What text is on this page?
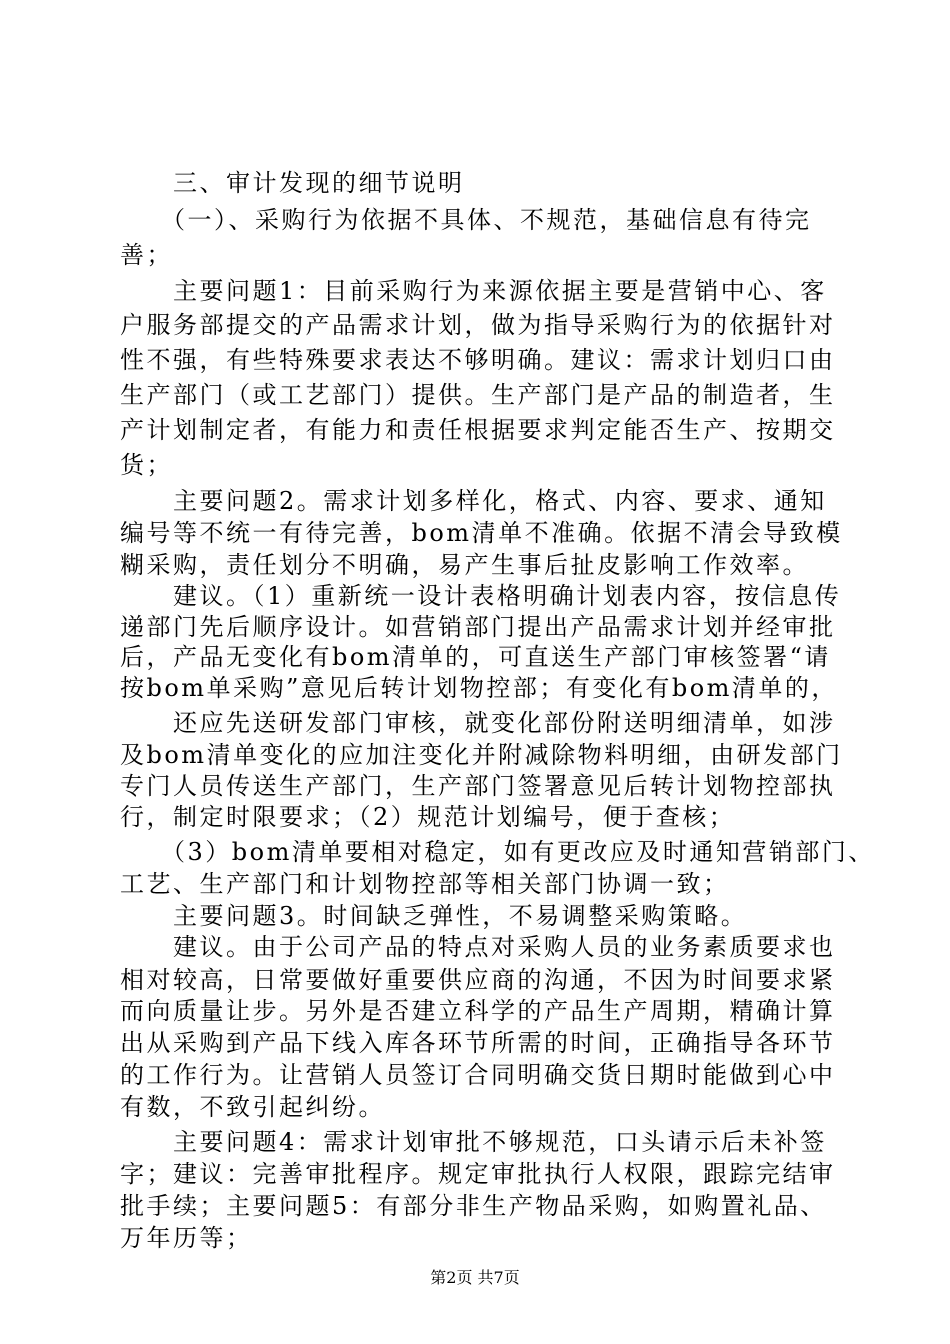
　　三、审计发现的细节说明
　　（一）、采购行为依据不具体、不规范，基础信息有待完
善；
　　主要问题1：目前采购行为来源依据主要是营销中心、客
户服务部提交的产品需求计划，做为指导采购行为的依据针对
性不强，有些特殊要求表达不够明确。建议：需求计划归口由
生产部门（或工艺部门）提供。生产部门是产品的制造者，生
产计划制定者，有能力和责任根据要求判定能否生产、按期交
货；
　　主要问题2。需求计划多样化，格式、内容、要求、通知
编号等不统一有待完善，bom清单不准确。依据不清会导致模
糊采购，责任划分不明确，易产生事后扯皮影响工作效率。
　　建议。（1）重新统一设计表格明确计划表内容，按信息传
递部门先后顺序设计。如营销部门提出产品需求计划并经审批
后，产品无变化有bom清单的，可直送生产部门审核签署“请
按bom单采购”意见后转计划物控部；有变化有bom清单的，
　　还应先送研发部门审核，就变化部份附送明细清单，如涉
及bom清单变化的应加注变化并附减除物料明细，由研发部门
专门人员传送生产部门，生产部门签署意见后转计划物控部执
行，制定时限要求；（2）规范计划编号，便于查核；
　　（3）bom清单要相对稳定，如有更改应及时通知营销部门、
工艺、生产部门和计划物控部等相关部门协调一致；
　　主要问题3。时间缺乏弹性，不易调整采购策略。
　　建议。由于公司产品的特点对采购人员的业务素质要求也
相对较高，日常要做好重要供应商的沟通，不因为时间要求紧
而向质量让步。另外是否建立科学的产品生产周期，精确计算
出从采购到产品下线入库各环节所需的时间，正确指导各环节
的工作行为。让营销人员签订合同明确交货日期时能做到心中
有数，不致引起纠纷。
　　主要问题4：需求计划审批不够规范，口头请示后未补签
字；建议：完善审批程序。规定审批执行人权限，跟踪完结审
批手续；主要问题5：有部分非生产物品采购，如购置礼品、
万年历等；
第2页 共7页
